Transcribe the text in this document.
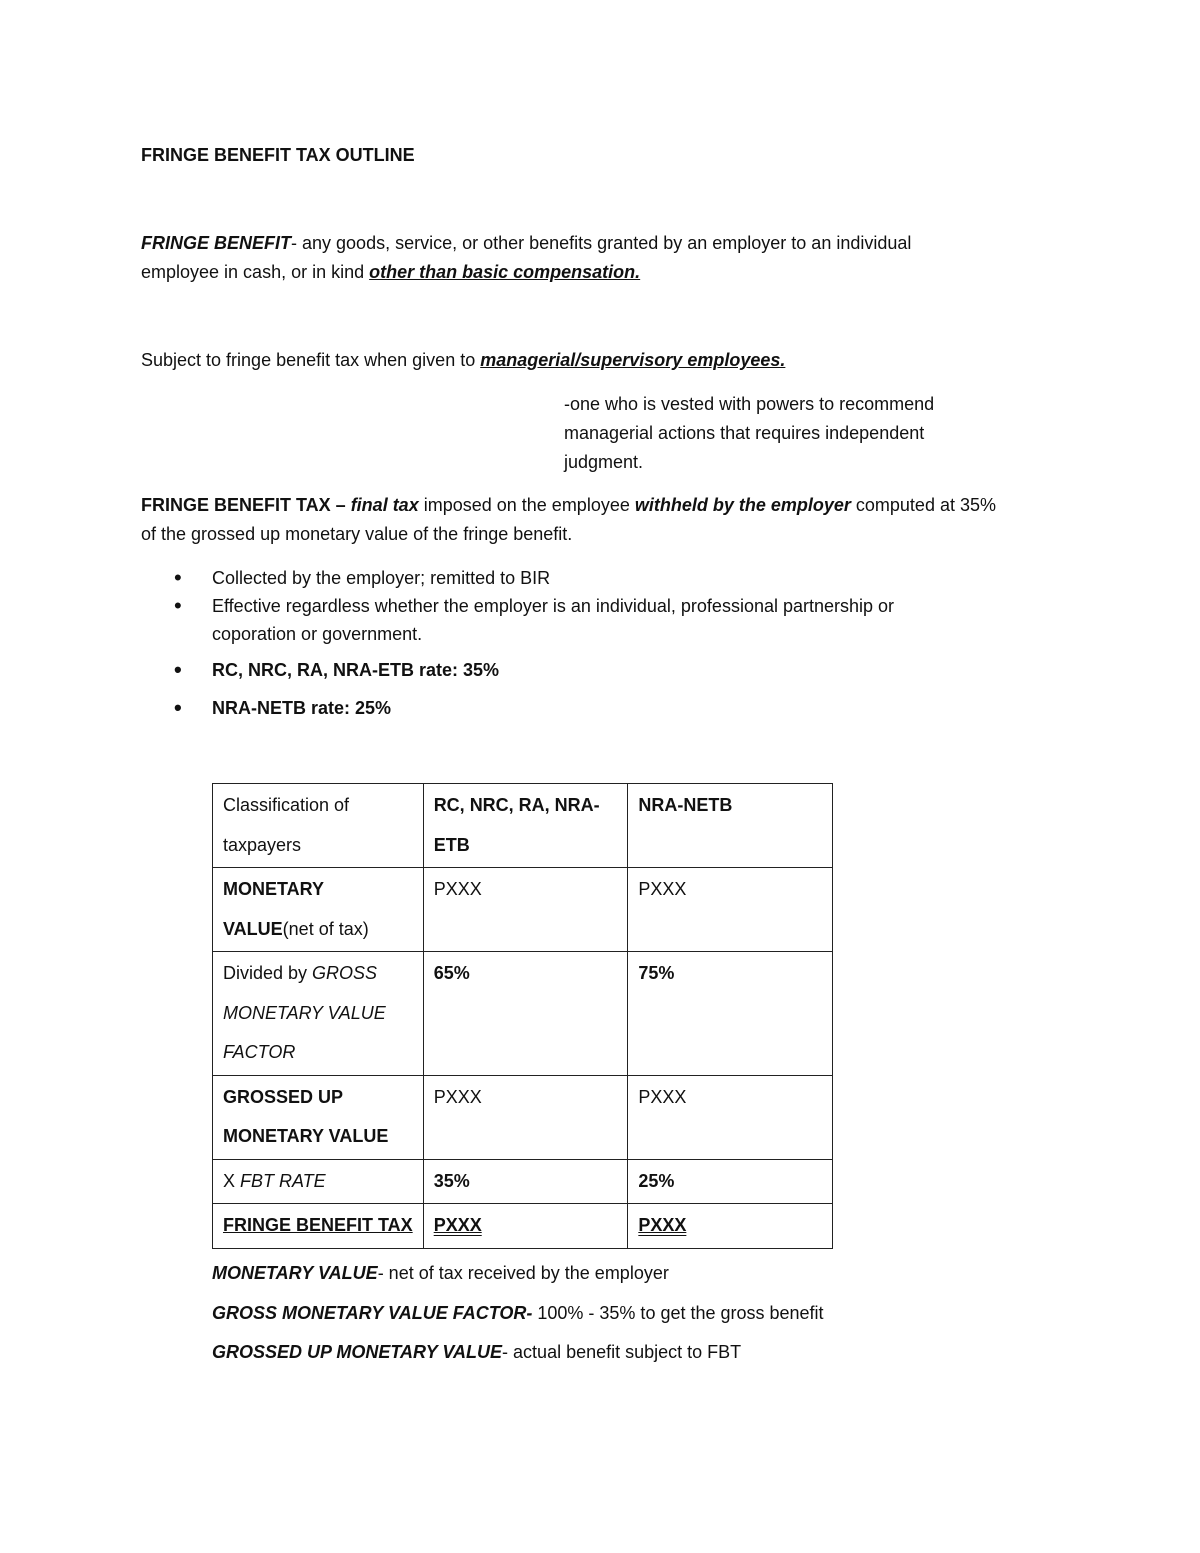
FRINGE BENEFIT TAX OUTLINE
FRINGE BENEFIT- any goods, service, or other benefits granted by an employer to an individual
employee in cash, or in kind other than basic compensation.
Subject to fringe benefit tax when given to managerial/supervisory employees.
-one who is vested with powers to recommend
managerial actions that requires independent
judgment.
FRINGE BENEFIT TAX – final tax imposed on the employee withheld by the employer computed at 35%
of the grossed up monetary value of the fringe benefit.
• Collected by the employer; remitted to BIR
• Effective regardless whether the employer is an individual, professional partnership or
coporation or government.
• RC, NRC, RA, NRA-ETB rate: 35%
• NRA-NETB rate: 25%
Classification of taxpayers	RC, NRC, RA, NRA-ETB	NRA-NETB
MONETARY VALUE(net of tax)	PXXX	PXXX
Divided by GROSS MONETARY VALUE FACTOR	65%	75%
GROSSED UP MONETARY VALUE	PXXX	PXXX
X FBT RATE	35%	25%
FRINGE BENEFIT TAX	PXXX	PXXX
MONETARY VALUE- net of tax received by the employer
GROSS MONETARY VALUE FACTOR- 100% - 35% to get the gross benefit
GROSSED UP MONETARY VALUE- actual benefit subject to FBT
